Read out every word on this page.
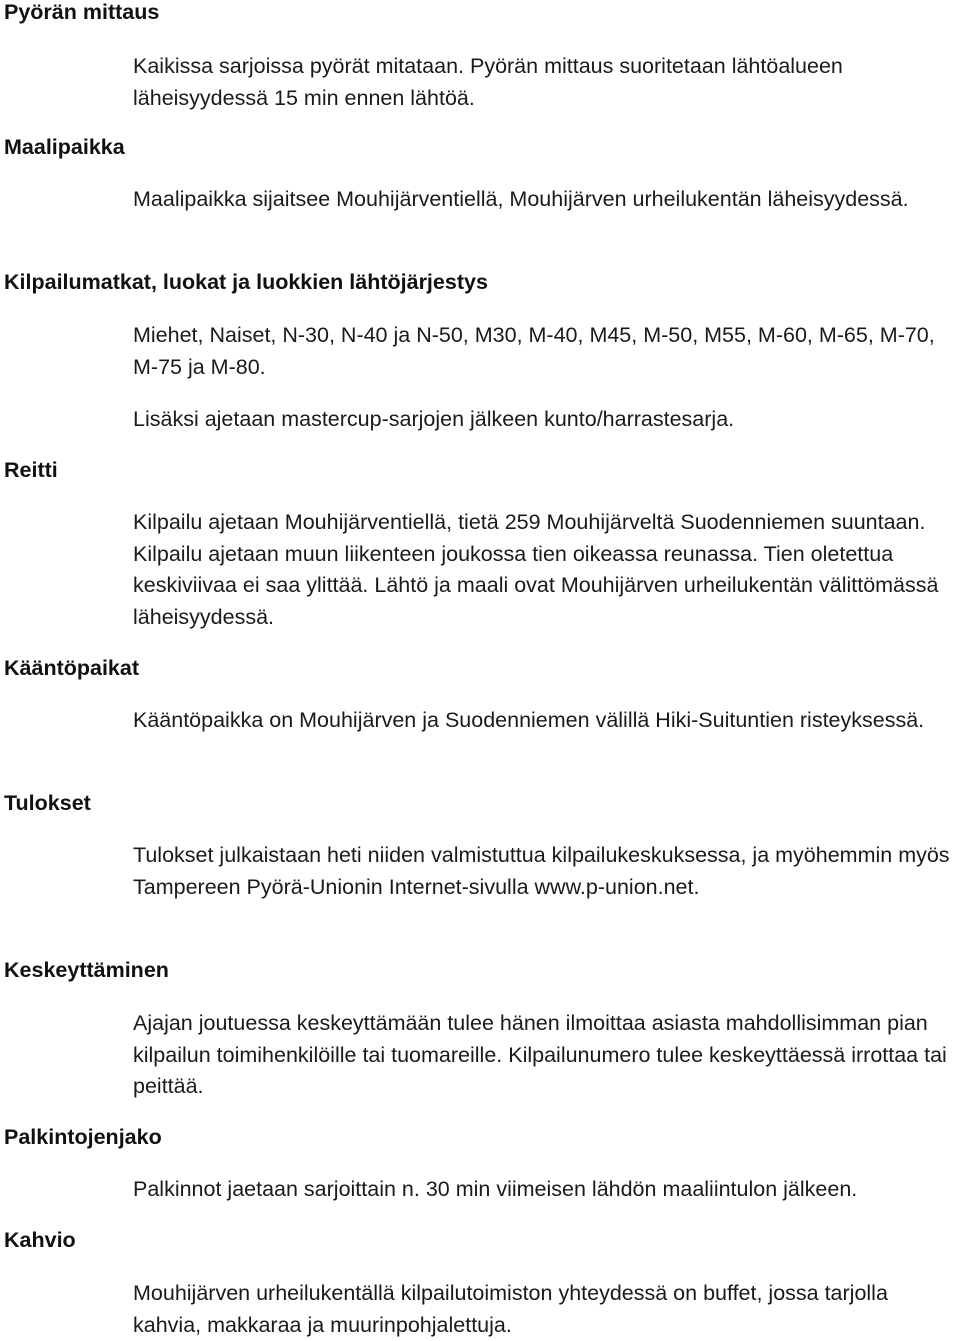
Pyörän mittaus
Kaikissa sarjoissa pyörät mitataan. Pyörän mittaus suoritetaan lähtöalueen läheisyydessä 15 min ennen lähtöä.
Maalipaikka
Maalipaikka sijaitsee Mouhijärventiellä, Mouhijärven urheilukentän läheisyydessä.
Kilpailumatkat, luokat ja luokkien lähtöjärjestys
Miehet, Naiset, N-30, N-40 ja N-50, M30, M-40, M45, M-50, M55, M-60, M-65, M-70, M-75 ja M-80.
Lisäksi ajetaan mastercup-sarjojen jälkeen kunto/harrastesarja.
Reitti
Kilpailu ajetaan Mouhijärventiellä, tietä 259 Mouhijärveltä Suodenniemen suuntaan. Kilpailu ajetaan muun liikenteen joukossa tien oikeassa reunassa. Tien oletettua keskiviivaa ei saa ylittää. Lähtö ja maali ovat Mouhijärven urheilukentän välittömässä läheisyydessä.
Kääntöpaikat
Kääntöpaikka on Mouhijärven ja Suodenniemen välillä Hiki-Suituntien risteyksessä.
Tulokset
Tulokset julkaistaan heti niiden valmistuttua kilpailukeskuksessa, ja myöhemmin myös Tampereen Pyörä-Unionin Internet-sivulla www.p-union.net.
Keskeyttäminen
Ajajan joutuessa keskeyttämään tulee hänen ilmoittaa asiasta mahdollisimman pian kilpailun toimihenkilöille tai tuomareille. Kilpailunumero tulee keskeyttäessä irrottaa tai peittää.
Palkintojenjako
Palkinnot jaetaan sarjoittain n. 30 min viimeisen lähdön maaliintulon jälkeen.
Kahvio
Mouhijärven urheilukentällä kilpailutoimiston yhteydessä on buffet, jossa tarjolla kahvia, makkaraa ja muurinpohjalettuja.
